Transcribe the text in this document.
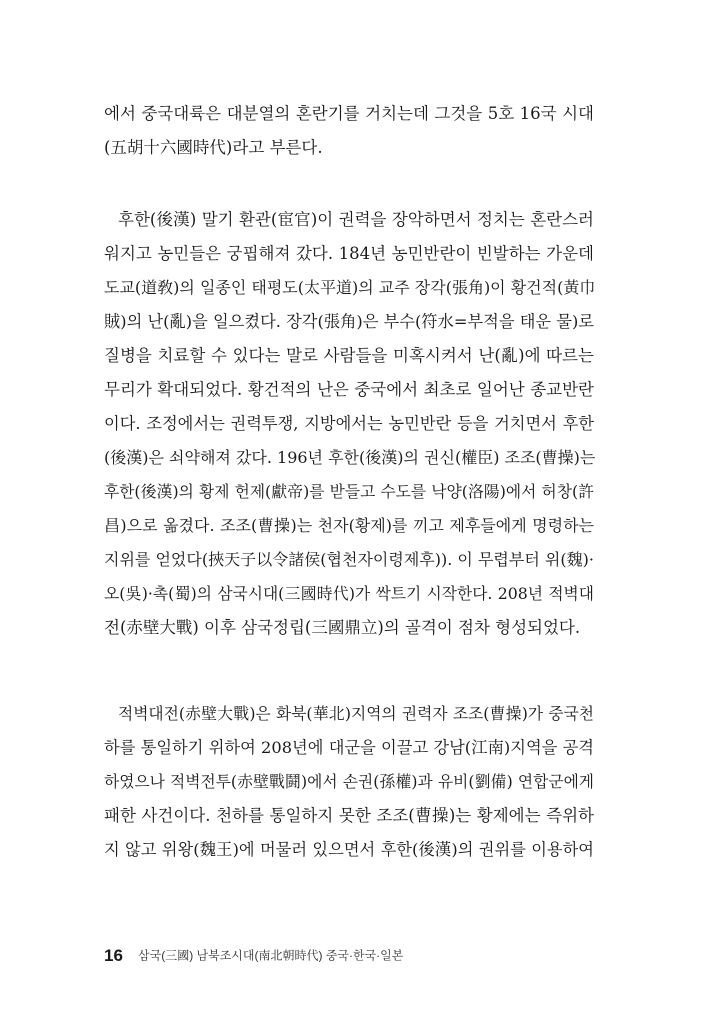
에서 중국대륙은 대분열의 혼란기를 거치는데 그것을 5호 16국 시대
(五胡十六國時代)라고 부른다.
후한(後漢) 말기 환관(宦官)이 권력을 장악하면서 정치는 혼란스러
워지고 농민들은 궁핍해져 갔다. 184년 농민반란이 빈발하는 가운데
도교(道敎)의 일종인 태평도(太平道)의 교주 장각(張角)이 황건적(黃巾
賊)의 난(亂)을 일으켰다. 장각(張角)은 부수(符水=부적을 태운 물)로
질병을 치료할 수 있다는 말로 사람들을 미혹시켜서 난(亂)에 따르는
무리가 확대되었다. 황건적의 난은 중국에서 최초로 일어난 종교반란
이다. 조정에서는 권력투쟁, 지방에서는 농민반란 등을 거치면서 후한
(後漢)은 쇠약해져 갔다. 196년 후한(後漢)의 권신(權臣) 조조(曹操)는
후한(後漢)의 황제 헌제(獻帝)를 받들고 수도를 낙양(洛陽)에서 허창(許
昌)으로 옮겼다. 조조(曹操)는 천자(황제)를 끼고 제후들에게 명령하는
지위를 얻었다(挾天子以令諸侯(협천자이령제후)). 이 무렵부터 위(魏)·
오(吳)·촉(蜀)의 삼국시대(三國時代)가 싹트기 시작한다. 208년 적벽대
전(赤壁大戰) 이후 삼국정립(三國鼎立)의 골격이 점차 형성되었다.
적벽대전(赤壁大戰)은 화북(華北)지역의 권력자 조조(曹操)가 중국천
하를 통일하기 위하여 208년에 대군을 이끌고 강남(江南)지역을 공격
하였으나 적벽전투(赤壁戰鬪)에서 손권(孫權)과 유비(劉備) 연합군에게
패한 사건이다. 천하를 통일하지 못한 조조(曹操)는 황제에는 즉위하
지 않고 위왕(魏王)에 머물러 있으면서 후한(後漢)의 권위를 이용하여
16 삼국(三國) 남북조시대(南北朝時代) 중국·한국·일본
